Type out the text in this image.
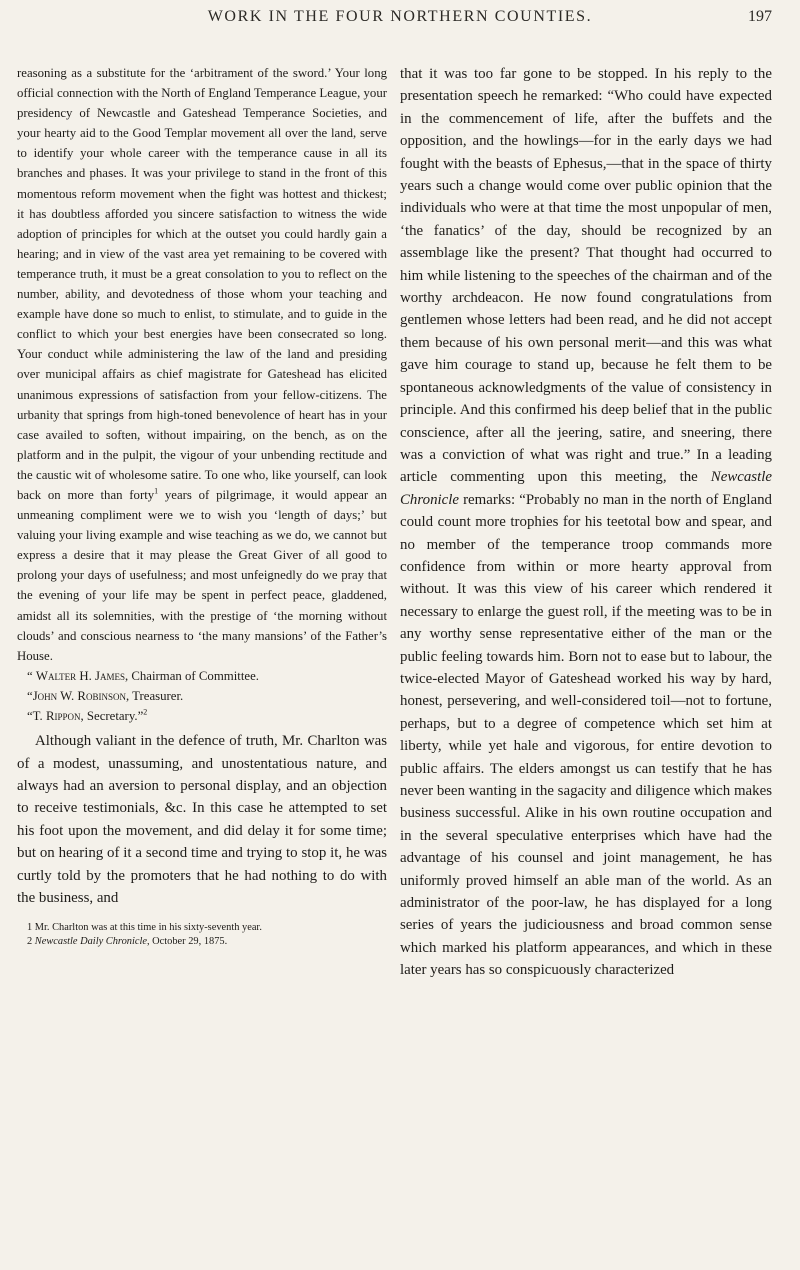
WORK IN THE FOUR NORTHERN COUNTIES.	197

reasoning as a substitute for the ‘arbitrament of the sword.’ Your long official connection with the North of England Temperance League, your presidency of Newcastle and Gateshead Temperance Societies, and your hearty aid to the Good Templar movement all over the land, serve to identify your whole career with the temperance cause in all its branches and phases. It was your privilege to stand in the front of this momentous reform movement when the fight was hottest and thickest; it has doubtless afforded you sincere satisfaction to witness the wide adoption of principles for which at the outset you could hardly gain a hearing; and in view of the vast area yet remaining to be covered with temperance truth, it must be a great consolation to you to reflect on the number, ability, and devotedness of those whom your teaching and example have done so much to enlist, to stimulate, and to guide in the conflict to which your best energies have been consecrated so long. Your conduct while administering the law of the land and presiding over municipal affairs as chief magistrate for Gateshead has elicited unanimous expressions of satisfaction from your fellow-citizens. The urbanity that springs from high-toned benevolence of heart has in your case availed to soften, without impairing, on the bench, as on the platform and in the pulpit, the vigour of your unbending rectitude and the caustic wit of wholesome satire. To one who, like yourself, can look back on more than forty$^1$ years of pilgrimage, it would appear an unmeaning compliment were we to wish you ‘length of days;’ but valuing your living example and wise teaching as we do, we cannot but express a desire that it may please the Great Giver of all good to prolong your days of usefulness; and most unfeignedly do we pray that the evening of your life may be spent in perfect peace, gladdened, amidst all its solemnities, with the prestige of ‘the morning without clouds’ and conscious nearness to ‘the many mansions’ of the Father’s House.

“ Walter H. James, Chairman of Committee.

“John W. Robinson, Treasurer.

“T. Rippon, Secretary.”$^2$

Although valiant in the defence of truth, Mr. Charlton was of a modest, unassuming, and unostentatious nature, and always had an aversion to personal display, and an objection to receive testimonials, &c. In this case he attempted to set his foot upon the movement, and did delay it for some time; but on hearing of it a second time and trying to stop it, he was curtly told by the promoters that he had nothing to do with the business, and

1 Mr. Charlton was at this time in his sixty-seventh year.

2 Newcastle Daily Chronicle, October 29, 1875.

that it was too far gone to be stopped. In his reply to the presentation speech he remarked: “Who could have expected in the commencement of life, after the buffets and the opposition, and the howlings—for in the early days we had fought with the beasts of Ephesus,—that in the space of thirty years such a change would come over public opinion that the individuals who were at that time the most unpopular of men, ‘the fanatics’ of the day, should be recognized by an assemblage like the present? That thought had occurred to him while listening to the speeches of the chairman and of the worthy archdeacon. He now found congratulations from gentlemen whose letters had been read, and he did not accept them because of his own personal merit—and this was what gave him courage to stand up, because he felt them to be spontaneous acknowledgments of the value of consistency in principle. And this confirmed his deep belief that in the public conscience, after all the jeering, satire, and sneering, there was a conviction of what was right and true.” In a leading article commenting upon this meeting, the Newcastle Chronicle remarks: “Probably no man in the north of England could count more trophies for his teetotal bow and spear, and no member of the temperance troop commands more confidence from within or more hearty approval from without. It was this view of his career which rendered it necessary to enlarge the guest roll, if the meeting was to be in any worthy sense representative either of the man or the public feeling towards him. Born not to ease but to labour, the twice-elected Mayor of Gateshead worked his way by hard, honest, persevering, and well-considered toil—not to fortune, perhaps, but to a degree of competence which set him at liberty, while yet hale and vigorous, for entire devotion to public affairs. The elders amongst us can testify that he has never been wanting in the sagacity and diligence which makes business successful. Alike in his own routine occupation and in the several speculative enterprises which have had the advantage of his counsel and joint management, he has uniformly proved himself an able man of the world. As an administrator of the poor-law, he has displayed for a long series of years the judiciousness and broad common sense which marked his platform appearances, and which in these later years has so conspicuously characterized
